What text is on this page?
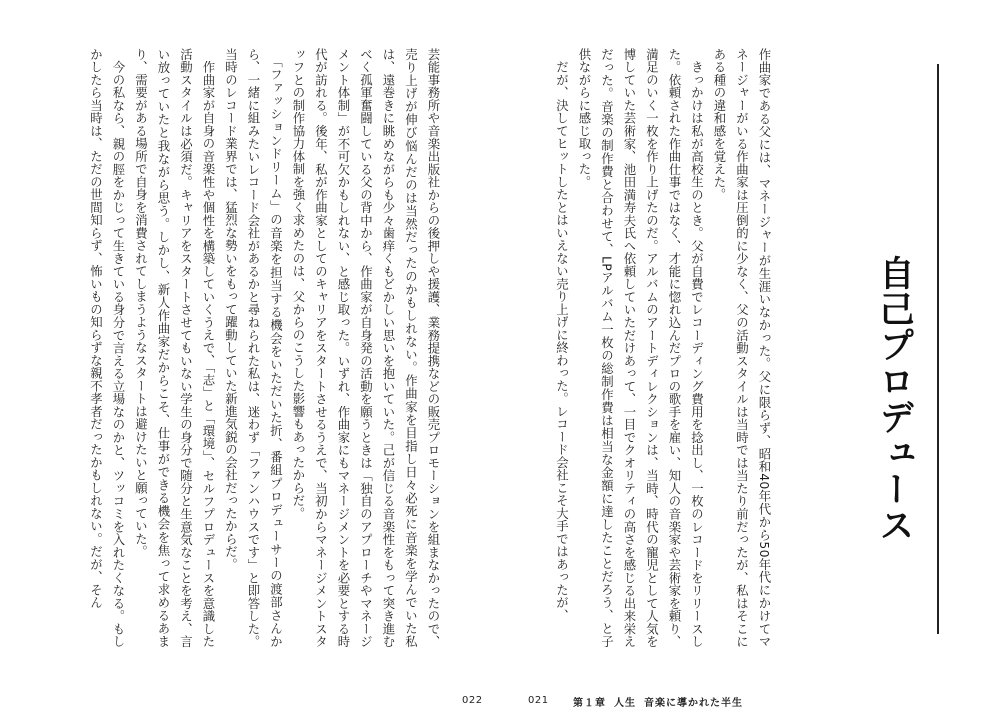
自己プロデュース
作曲家である父には、マネージャーが生涯いなかった。父に限らず、昭和40年代から50年代にかけてマネージャーがいる作曲家は圧倒的に少なく、父の活動スタイルは当時では当たり前だったが、私はそこにある種の違和感を覚えた。
　きっかけは私が高校生のとき。父が自費でレコーディング費用を捻出し、一枚のレコードをリリースした。依頼された作曲仕事ではなく、才能に惚れ込んだプロの歌手を雇い、知人の音楽家や芸術家を頼り、満足のいく一枚を作り上げたのだ。アルバムのアートディレクションは、当時、時代の寵児として人気を博していた芸術家、池田満寿夫氏へ依頼していただけあって、一目でクオリティの高さを感じる出来栄えだった。音楽の制作費と合わせて、LPアルバム一枚の総制作費は相当な金額に達したことだろう、と子供ながらに感じ取った。
　だが、決してヒットしたとはいえない売り上げに終わった。レコード会社こそ大手ではあったが、
芸能事務所や音楽出版社からの後押しや援護、業務提携などの販売プロモーションを組まなかったので、売り上げが伸び悩んだのは当然だったのかもしれない。作曲家を目指し日々必死に音楽を学んでいた私は、遠巻きに眺めながらも少々歯痒くもどかしい思いを抱いていた。己が信じる音楽性をもって突き進むべく孤軍奮闘している父の背中から、作曲家が自身発の活動を願うときは「独自のアプローチやマネージメント体制」が不可欠かもしれない、と感じ取った。いずれ、作曲家にもマネージメントを必要とする時代が訪れる。後年、私が作曲家としてのキャリアをスタートさせるうえで、当初からマネージメントスタッフとの制作協力体制を強く求めたのは、父からのこうした影響もあったからだ。
　「ファッションドリーム」の音楽を担当する機会をいただいた折、番組プロデューサーの渡部さんから、一緒に組みたいレコード会社があるかと尋ねられた私は、迷わず「ファンハウスです」と即答した。当時のレコード業界では、猛烈な勢いをもって躍動していた新進気鋭の会社だったからだ。
　作曲家が自身の音楽性や個性を構築していくうえで、「志」と「環境」、セルフプロデュースを意識した活動スタイルは必須だ。キャリアをスタートさせてもいない学生の身分で随分と生意気なことを考え、言い放っていたと我ながら思う。しかし、新人作曲家だからこそ、仕事ができる機会を焦って求めるあまり、需要がある場所で自身を消費されてしまうようなスタートは避けたいと願っていた。
　今の私なら、親の脛をかじって生きている身分で言える立場なのかと、ツッコミを入れたくなる。もしかしたら当時は、ただの世間知らず、怖いもの知らずな親不孝者だったかもしれない。だが、そん
022	021 第１章 人生 音楽に導かれた半生
